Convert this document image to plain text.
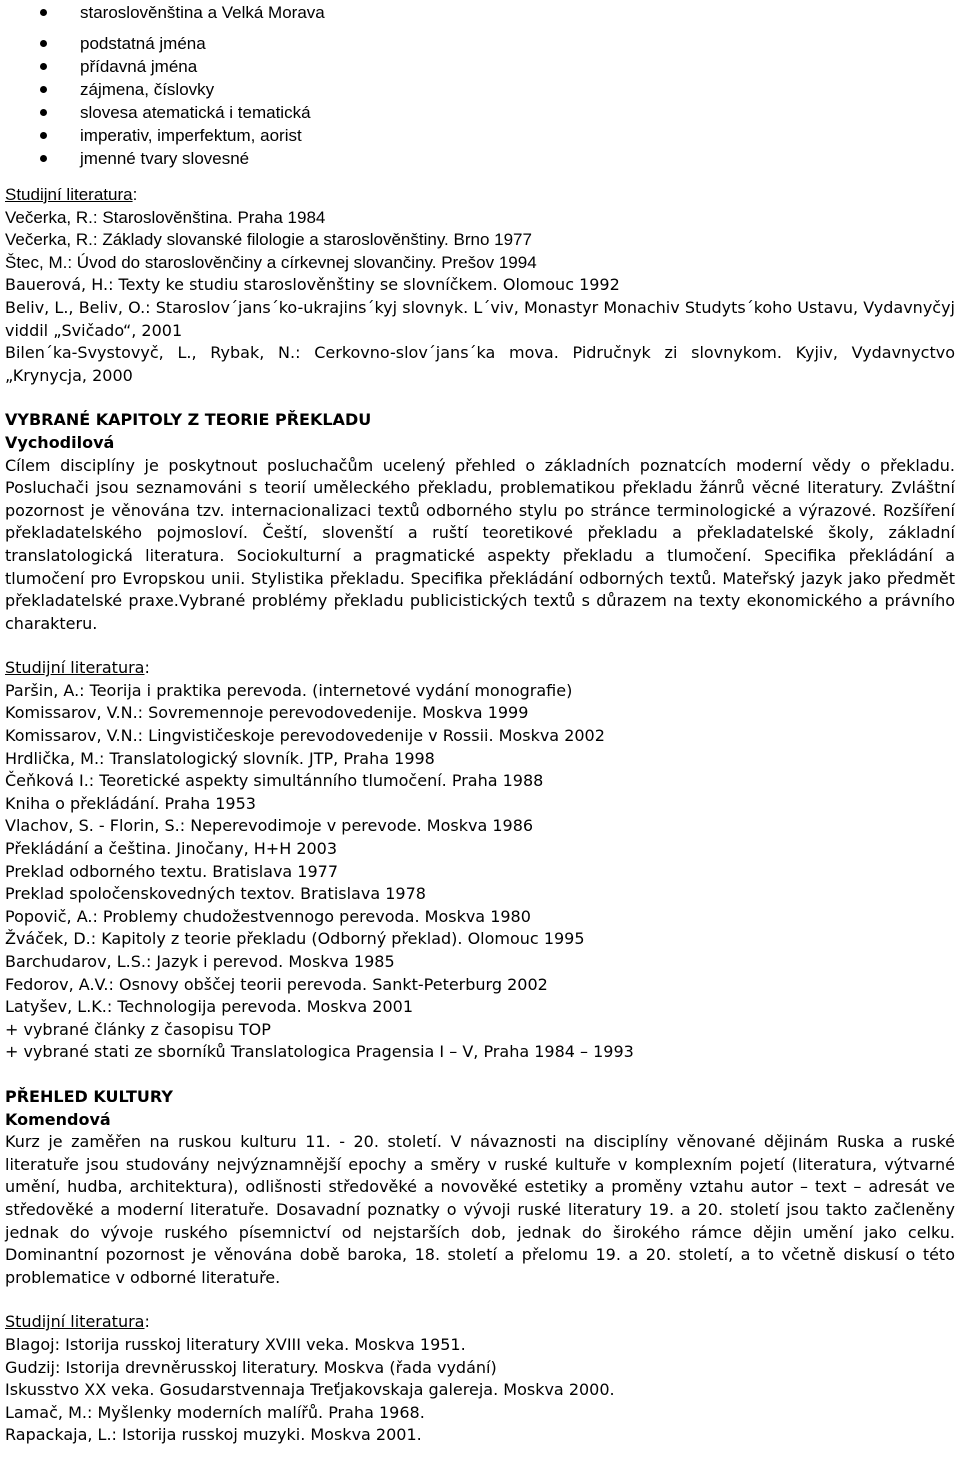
staroslověnština a Velká Morava
podstatná jména
přídavná jména
zájmena, číslovky
slovesa atematická i tematická
imperativ, imperfektum, aorist
jmenné tvary slovesné
Studijní literatura:
Večerka, R.: Staroslověnština. Praha 1984
Večerka, R.: Základy slovanské filologie a staroslověnštiny. Brno 1977
Štec, M.: Úvod do staroslověnčiny a církevnej slovančiny. Prešov 1994
Bauerová, H.: Texty ke studiu staroslověnštiny se slovníčkem. Olomouc 1992
Beliv, L., Beliv, O.: Staroslov´jans´ko-ukrajins´kyj slovnyk. L´viv, Monastyr Monachiv Studyts´koho Ustavu, Vydavnyčyj viddil „Svičado“, 2001
Bilen´ka-Svystovyč, L., Rybak, N.: Cerkovno-slov´jans´ka mova. Pidručnyk zi slovnykom. Kyjiv, Vydavnyctvo „Krynycja, 2000
VYBRANÉ KAPITOLY Z TEORIE PŘEKLADU
Vychodilová
Cílem disciplíny je poskytnout posluchačům ucelený přehled o základních poznatcích moderní vědy o překladu. Posluchači jsou seznamováni s teorií uměleckého překladu, problematikou překladu žánrů věcné literatury. Zvláštní pozornost je věnována tzv. internacionalizaci textů odborného stylu po stránce terminologické a výrazové. Rozšíření překladatelského pojmosloví. Čeští, slovenští a ruští teoretikové překladu a překladatelské školy, základní translatologická literatura. Sociokulturní a pragmatické aspekty překladu a tlumočení. Specifika překládání a tlumočení pro Evropskou unii. Stylistika překladu. Specifika překládání odborných textů. Mateřský jazyk jako předmět překladatelské praxe.Vybrané problémy překladu publicistických textů s důrazem na texty ekonomického a právního charakteru.
Studijní literatura:
Paršin, A.: Teorija i praktika perevoda. (internetové vydání monografie)
Komissarov, V.N.: Sovremennoje perevodovedenije. Moskva 1999
Komissarov, V.N.: Lingvističeskoje perevodovedenije v Rossii. Moskva 2002
Hrdlička, M.: Translatologický slovník. JTP, Praha 1998
Čeňková I.: Teoretické aspekty simultánního tlumočení. Praha 1988
Kniha o překládání. Praha 1953
Vlachov, S. - Florin, S.: Neperevodimoje v perevode. Moskva 1986
Překládání a čeština. Jinočany, H+H 2003
Preklad odborného textu. Bratislava 1977
Preklad spoločenskovedných textov. Bratislava 1978
Popovič, A.: Problemy chudožestvennogo perevoda. Moskva 1980
Žváček, D.: Kapitoly z teorie překladu (Odborný překlad). Olomouc 1995
Barchudarov, L.S.: Jazyk i perevod. Moskva 1985
Fedorov, A.V.: Osnovy obščej teorii perevoda. Sankt-Peterburg 2002
Latyšev, L.K.: Technologija perevoda. Moskva 2001
+ vybrané články z časopisu TOP
+ vybrané stati ze sborníků Translatologica Pragensia I – V, Praha 1984 – 1993
PŘEHLED KULTURY
Komendová
Kurz je zaměřen na ruskou kulturu 11. - 20. století. V návaznosti na disciplíny věnované dějinám Ruska a ruské literatuře jsou studovány nejvýznamnější epochy a směry v ruské kultuře v komplexním pojetí (literatura, výtvarné umění, hudba, architektura), odlišnosti středověké a novověké estetiky a proměny vztahu autor – text – adresát ve středověké a moderní literatuře. Dosavadní poznatky o vývoji ruské literatury 19. a 20. století jsou takto začleněny jednak do vývoje ruského písemnictví od nejstarších dob, jednak do širokého rámce dějin umění jako celku. Dominantní pozornost je věnována době baroka, 18. století a přelomu 19. a 20. století, a to včetně diskusí o této problematice v odborné literatuře.
Studijní literatura:
Blagoj: Istorija russkoj literatury XVIII veka. Moskva 1951.
Gudzij: Istorija drevněrusskoj literatury. Moskva (řada vydání)
Iskusstvo XX veka. Gosudarstvennaja Treťjakovskaja galereja. Moskva 2000.
Lamač, M.: Myšlenky moderních malířů. Praha 1968.
Rapackaja, L.: Istorija russkoj muzyki. Moskva 2001.
